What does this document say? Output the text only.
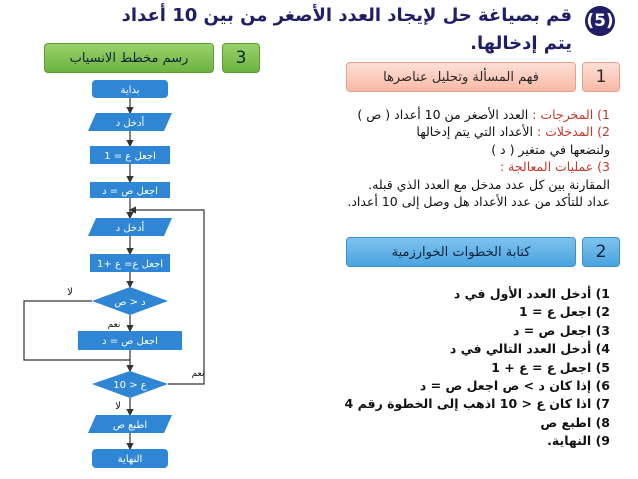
(5)
قم بصياغة حل لإيجاد العدد الأصغر من بين 10 أعداد يتم إدخالها.
1
فهم المسألة وتحليل عناصرها
1) المخرجات : العدد الأصغر من 10 أعداد ( ص )
2) المدخلات : الأعداد التي يتم إدخالها
ولنضعها في متغير ( د )
3) عمليات المعالجة :
المقارنة بين كل عدد مدخل مع العدد الذي قبله.
عداد للتأكد من عدد الأعداد هل وصل إلى 10 أعداد.
2
كتابة الخطوات الخوارزمية
1) أدخل العدد الأول في د
2) اجعل ع = 1
3) اجعل ص = د
4) أدخل العدد التالي في د
5) اجعل ع = ع + 1
6) إذا كان د > ص اجعل ص = د
7) اذا كان ع < 10 اذهب إلى الخطوة رقم 4
8) اطبع ص
9) النهاية.
3
رسم مخطط الانسياب
بداية
أدخل د
اجعل ع = 1
اجعل ص = د
أدخل د
اجعل ع= ع +1
د < ص
لا
نعم
اجعل ص = د
ع < 10
نعم
لا
اطبع ص
النهاية
